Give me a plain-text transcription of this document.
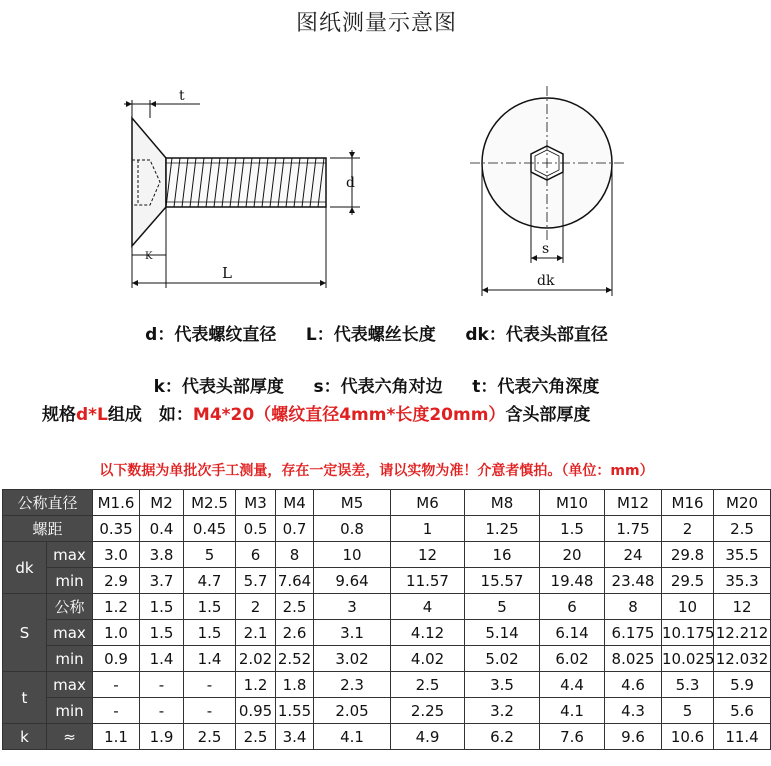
图纸测量示意图
t
d
K
L
s
dk
d：代表螺纹直径 L：代表螺丝长度 dk：代表头部直径
k：代表头部厚度 s：代表六角对边 t：代表六角深度
规格d*L组成　如：M4*20（螺纹直径4mm*长度20mm）含头部厚度
以下数据为单批次手工测量，存在一定误差，请以实物为准！介意者慎拍。（单位：mm）
公称直径		M1.6	M2	M2.5	M3	M4	M5	M6	M8	M10	M12	M16	M20
螺距		0.35	0.4	0.45	0.5	0.7	0.8	1	1.25	1.5	1.75	2	2.5
dk	max	3.0	3.8	5	6	8	10	12	16	20	24	29.8	35.5
	min	2.9	3.7	4.7	5.7	7.64	9.64	11.57	15.57	19.48	23.48	29.5	35.3
S	公称	1.2	1.5	1.5	2	2.5	3	4	5	6	8	10	12
	max	1.0	1.5	1.5	2.1	2.6	3.1	4.12	5.14	6.14	6.175	10.175	12.212
	min	0.9	1.4	1.4	2.02	2.52	3.02	4.02	5.02	6.02	8.025	10.025	12.032
t	max	-	-	-	1.2	1.8	2.3	2.5	3.5	4.4	4.6	5.3	5.9
	min	-	-	-	0.95	1.55	2.05	2.25	3.2	4.1	4.3	5	5.6
k	≈	1.1	1.9	2.5	2.5	3.4	4.1	4.9	6.2	7.6	9.6	10.6	11.4
